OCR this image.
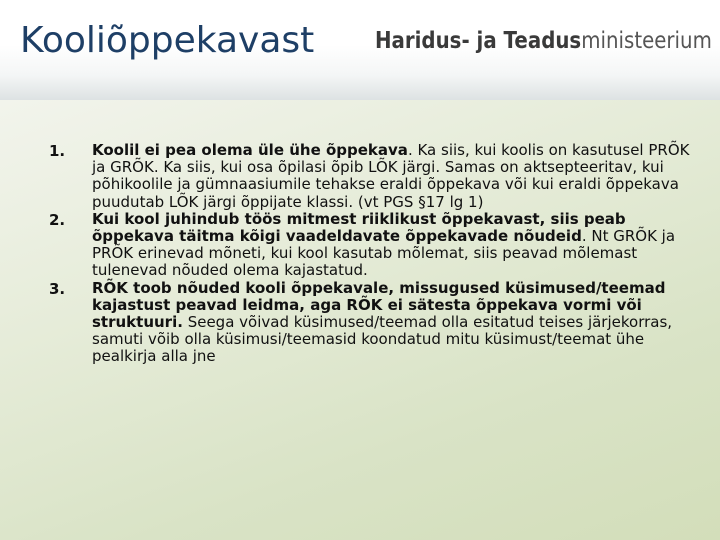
Kooliõppekavast	Haridus- ja Teadusministeerium
1. Koolil ei pea olema üle ühe õppekava. Ka siis, kui koolis on kasutusel PRÕK ja GRÕK. Ka siis, kui osa õpilasi õpib LÕK järgi. Samas on aktsepteeritav, kui põhikoolile ja gümnaasiumile tehakse eraldi õppekava või kui eraldi õppekava puudutab LÕK järgi õppijate klassi. (vt PGS §17 lg 1)
2. Kui kool juhindub töös mitmest riiklikust õppekavast, siis peab õppekava täitma kõigi vaadeldavate õppekavade nõudeid. Nt GRÕK ja PRÕK erinevad mõneti, kui kool kasutab mõlemat, siis peavad mõlemast tulenevad nõuded olema kajastatud.
3. RÕK toob nõuded kooli õppekavale, missugused küsimused/teemad kajastust peavad leidma, aga RÕK ei sätesta õppekava vormi või struktuuri. Seega võivad küsimused/teemad olla esitatud teises järjekorras, samuti võib olla küsimusi/teemasid koondatud mitu küsimust/teemat ühe pealkirja alla jne
